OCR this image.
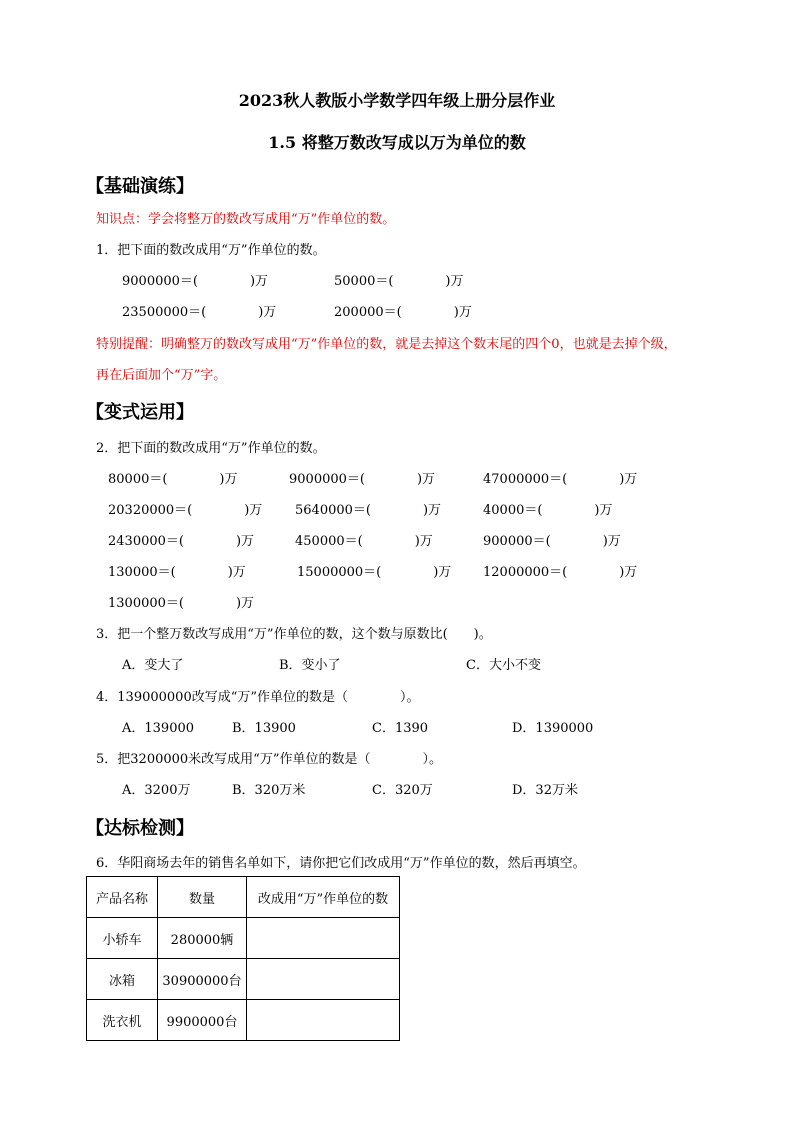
2023秋人教版小学数学四年级上册分层作业
1.5 将整万数改写成以万为单位的数
【基础演练】
知识点：学会将整万的数改写成用“万”作单位的数。
1．把下面的数改成用“万”作单位的数。
9000000＝(　　　　)万	50000＝(　　　　)万
23500000＝(　　　　)万	200000＝(　　　　)万
特别提醒：明确整万的数改写成用“万”作单位的数，就是去掉这个数末尾的四个0，也就是去掉个级，
再在后面加个“万”字。
【变式运用】
2．把下面的数改成用“万”作单位的数。
80000＝(　　　　)万	9000000＝(　　　　)万	47000000＝(　　　　)万
20320000＝(　　　　)万	5640000＝(　　　　)万	40000＝(　　　　)万
2430000＝(　　　　)万	450000＝(　　　　)万	900000＝(　　　　)万
130000＝(　　　　)万	15000000＝(　　　　)万 12000000＝(　　　　)万
1300000＝(　　　　)万
3．把一个整万数改写成用“万”作单位的数，这个数与原数比(　　)。
A．变大了	B．变小了	C．大小不变
4．139000000改写成“万”作单位的数是（　　　　）。
A．139000	B．13900	C．1390	D．1390000
5．把3200000米改写成用“万”作单位的数是（　　　　）。
A．3200万	B．320万米	C．320万	D．32万米
【达标检测】
6．华阳商场去年的销售名单如下，请你把它们改成用“万”作单位的数，然后再填空。
产品名称	数量	改成用“万”作单位的数
小轿车	280000辆	
冰箱	30900000台	
洗衣机	9900000台	
